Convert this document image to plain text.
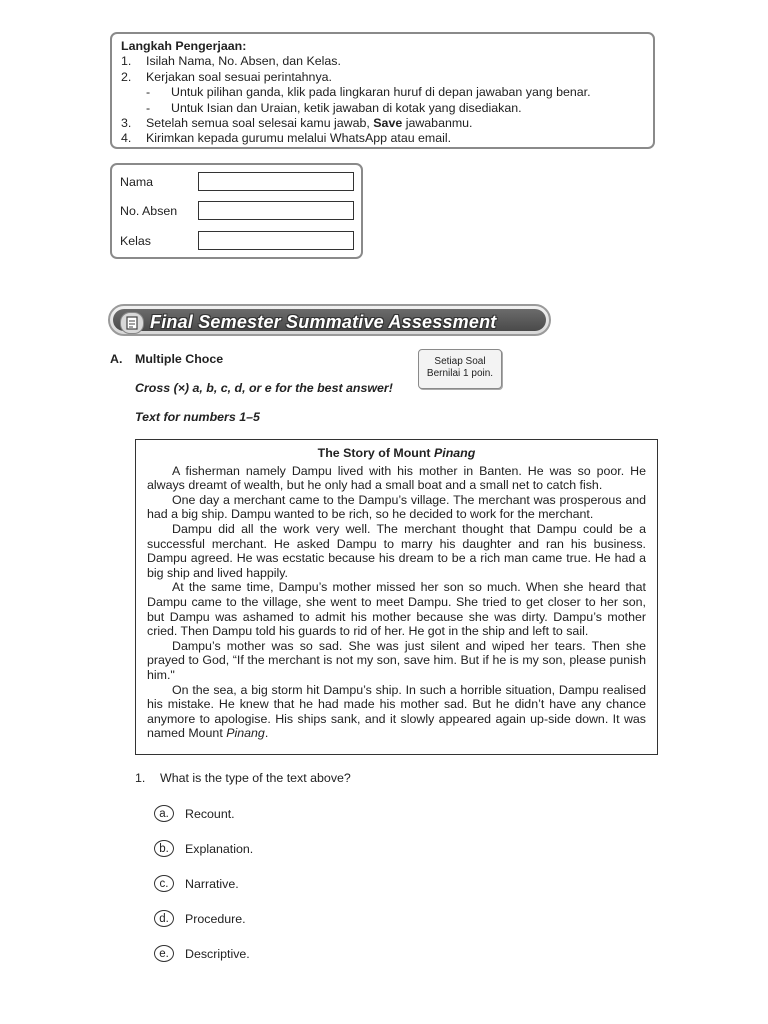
Langkah Pengerjaan:
1.	Isilah Nama, No. Absen, dan Kelas.
2.	Kerjakan soal sesuai perintahnya.
-	Untuk pilihan ganda, klik pada lingkaran huruf di depan jawaban yang benar.
-	Untuk Isian dan Uraian, ketik jawaban di kotak yang disediakan.
3.	Setelah semua soal selesai kamu jawab, Save jawabanmu.
4.	Kirimkan kepada gurumu melalui WhatsApp atau email.
Nama
No. Absen
Kelas
Final Semester Summative Assessment
A. Multiple Choce
Cross (×) a, b, c, d, or e for the best answer!
Text for numbers 1–5
Setiap Soal
Bernilai 1 poin.
The Story of Mount Pinang

A fisherman namely Dampu lived with his mother in Banten. He was so poor. He always dreamt of wealth, but he only had a small boat and a small net to catch fish.

One day a merchant came to the Dampu’s village. The merchant was prosperous and had a big ship. Dampu wanted to be rich, so he decided to work for the merchant.

Dampu did all the work very well. The merchant thought that Dampu could be a successful merchant. He asked Dampu to marry his daughter and ran his business. Dampu agreed. He was ecstatic because his dream to be a rich man came true. He had a big ship and lived happily.

At the same time, Dampu’s mother missed her son so much. When she heard that Dampu came to the village, she went to meet Dampu. She tried to get closer to her son, but Dampu was ashamed to admit his mother because she was dirty. Dampu’s mother cried. Then Dampu told his guards to rid of her. He got in the ship and left to sail.

Dampu’s mother was so sad. She was just silent and wiped her tears. Then she prayed to God, “If the merchant is not my son, save him. But if he is my son, please punish him."

On the sea, a big storm hit Dampu’s ship. In such a horrible situation, Dampu realised his mistake. He knew that he had made his mother sad. But he didn’t have any chance anymore to apologise. His ships sank, and it slowly appeared again up-side down. It was named Mount Pinang.

1.	What is the type of the text above?
a.	Recount.
b.	Explanation.
c.	Narrative.
d.	Procedure.
e.	Descriptive.
